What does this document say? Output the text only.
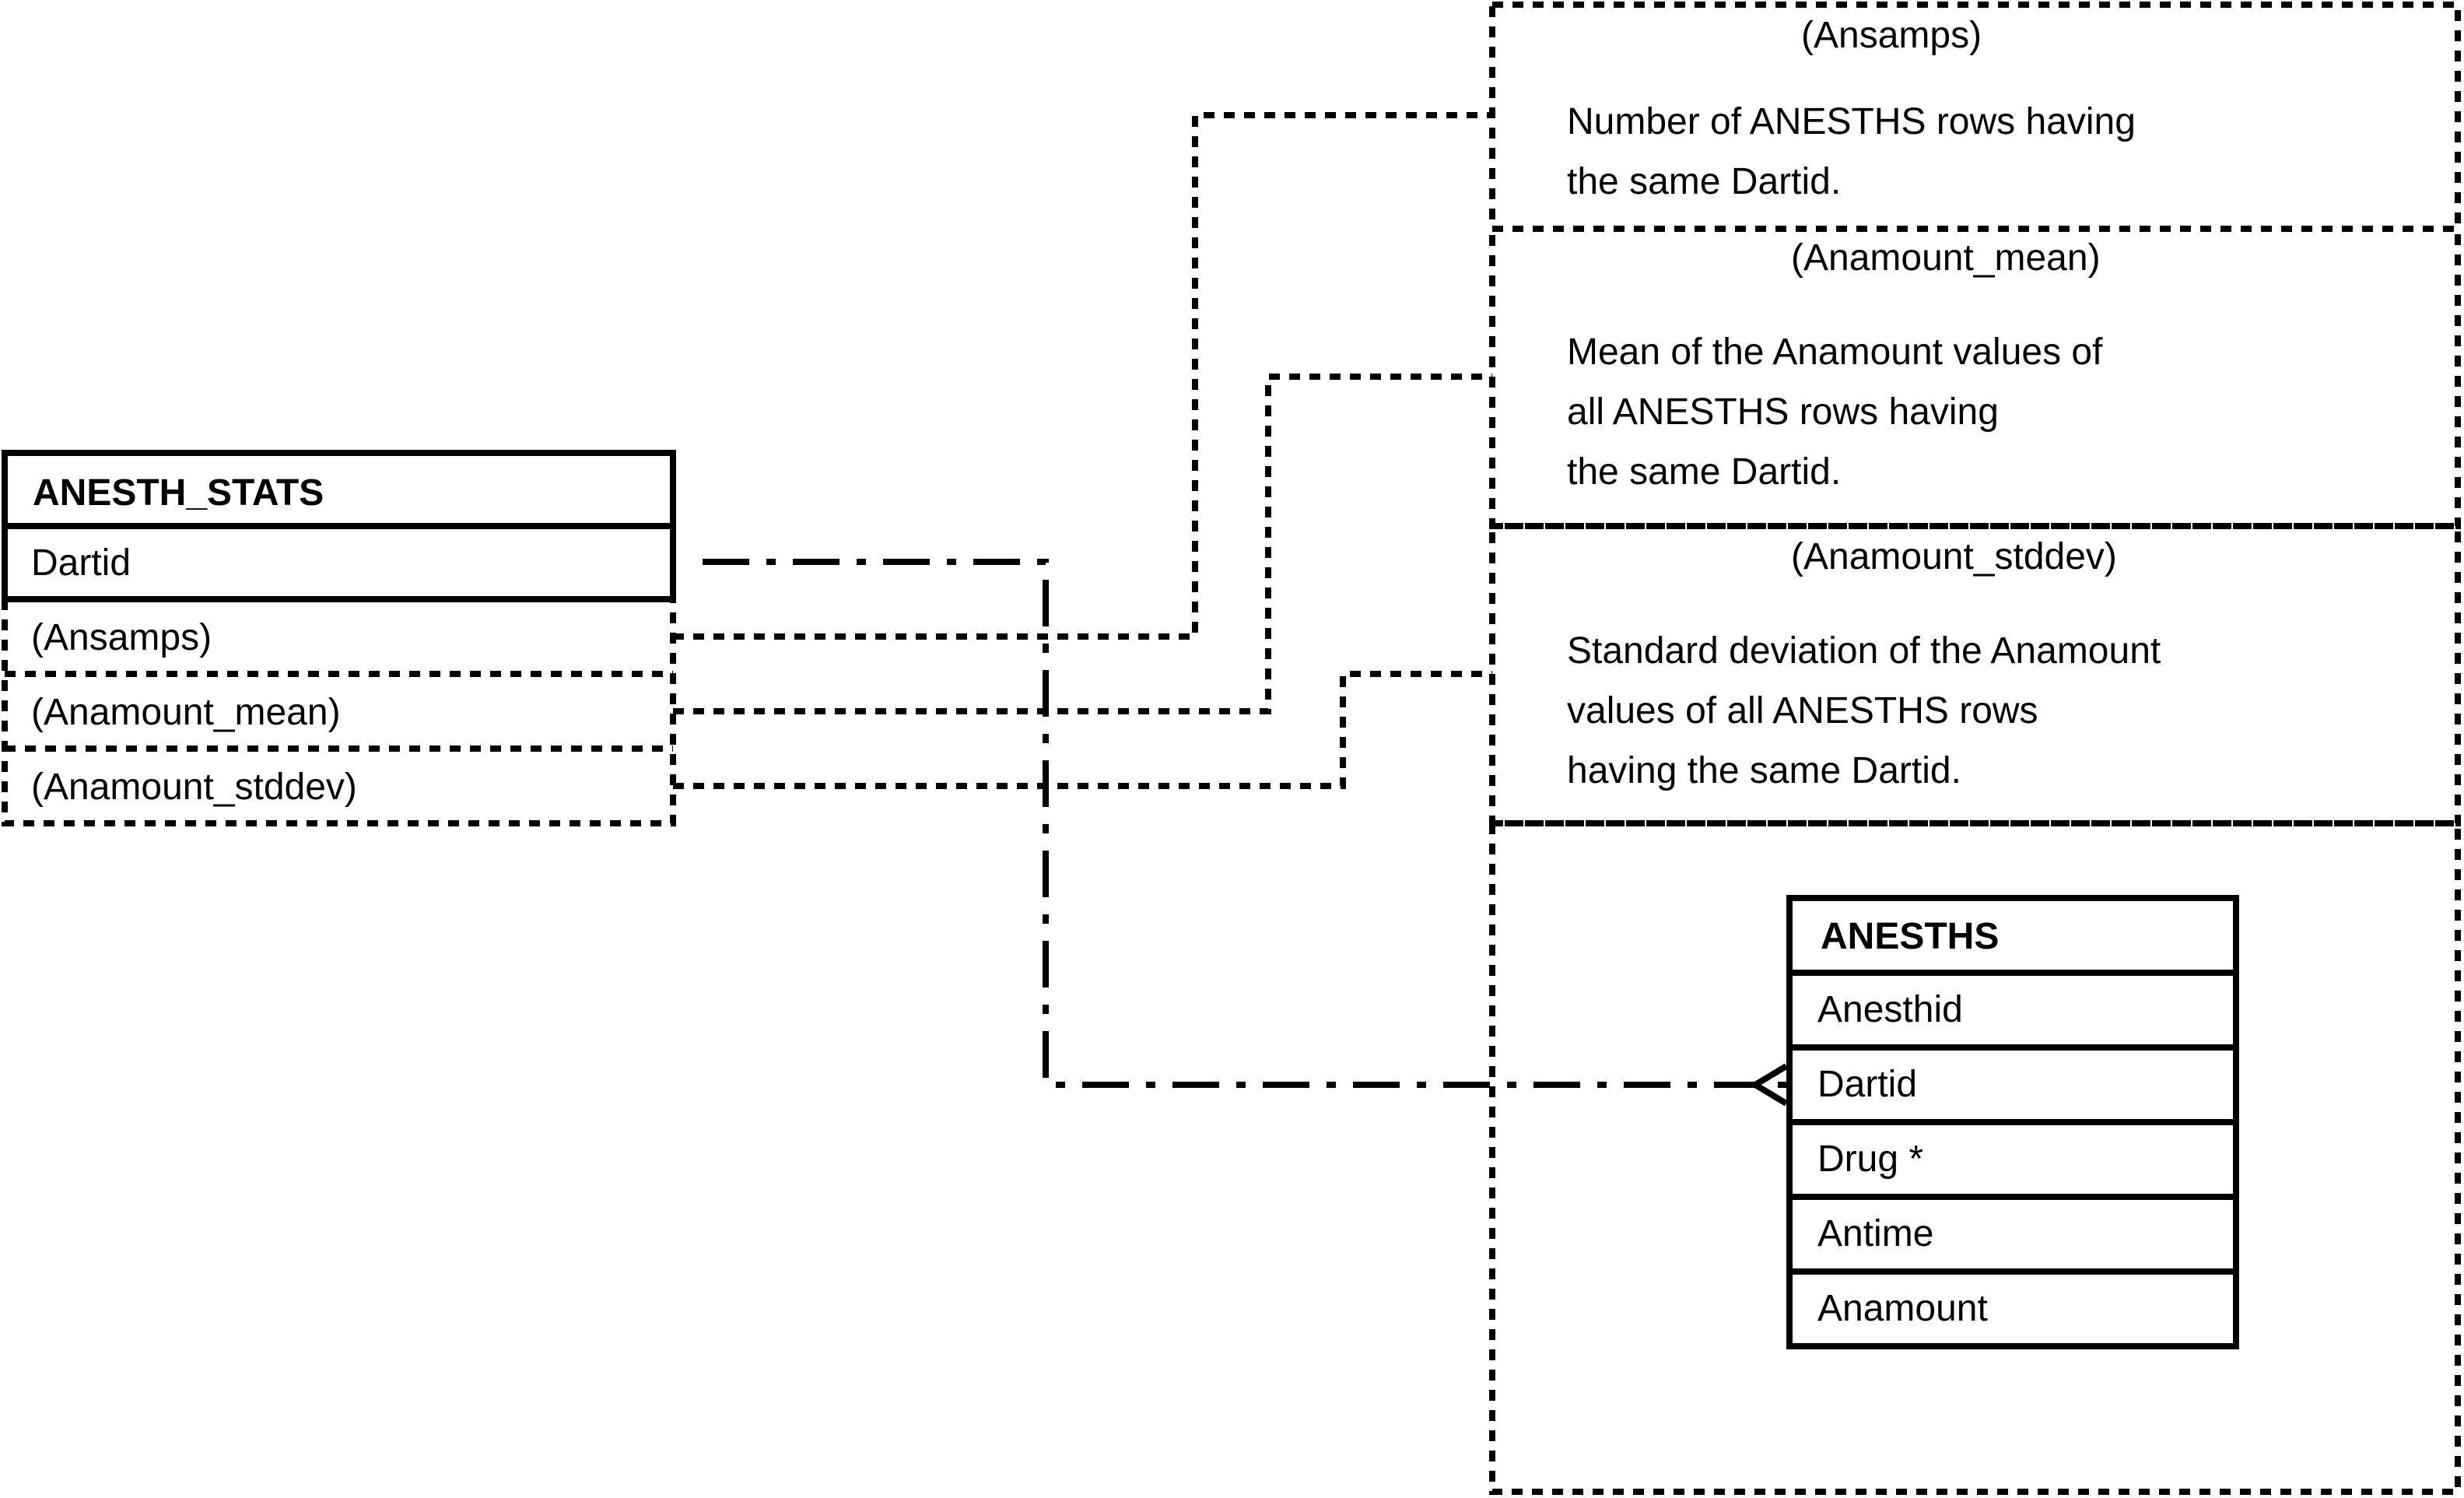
ANESTH_STATS
Dartid
(Ansamps)
(Anamount_mean)
(Anamount_stddev)
(Ansamps)
Number of ANESTHS rows having
the same Dartid.
(Anamount_mean)
Mean of the Anamount values of
all ANESTHS rows having
the same Dartid.
(Anamount_stddev)
Standard deviation of the Anamount
values of all ANESTHS rows
having the same Dartid.
ANESTHS
Anesthid
Dartid
Drug *
Antime
Anamount
